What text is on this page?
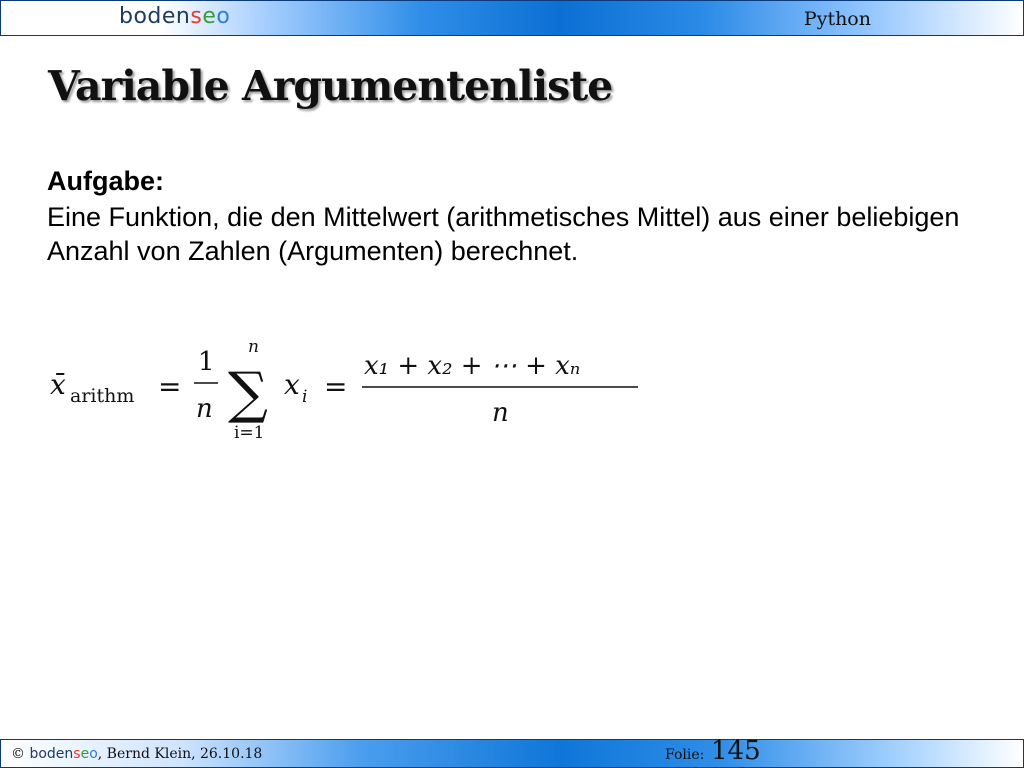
bodenseo	Python
Variable Argumentenliste
Aufgabe:

Eine Funktion, die den Mittelwert (arithmetisches Mittel) aus einer beliebigen Anzahl von Zahlen (Argumenten) berechnet.

x̄ arithm =
1
n
n
∑
i=1
x i =
x₁ + x₂ + ⋯ + xₙ
n
© bodenseo, Bernd Klein, 26.10.18	Folie: 145
